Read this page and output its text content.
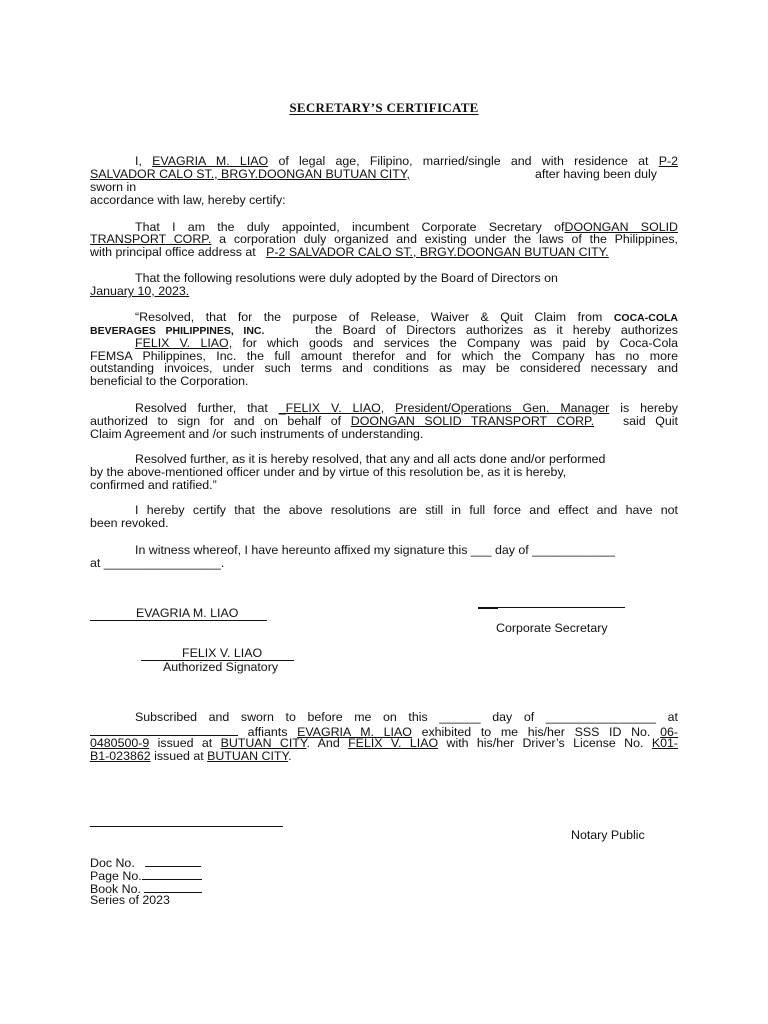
SECRETARY’S CERTIFICATE
I, EVAGRIA M. LIAO of legal age, Filipino, married/single and with residence at P-2
SALVADOR CALO ST., BRGY.DOONGAN BUTUAN CITY,	after having been duly
sworn in
accordance with law, hereby certify:
That I am the duly appointed, incumbent Corporate Secretary ofDOONGAN SOLID
TRANSPORT CORP. a corporation duly organized and existing under the laws of the Philippines,
with principal office address at P-2 SALVADOR CALO ST., BRGY.DOONGAN BUTUAN CITY.
That the following resolutions were duly adopted by the Board of Directors on
January 10, 2023.
“Resolved, that for the purpose of Release, Waiver & Quit Claim from COCA-COLA
BEVERAGES PHILIPPINES, INC.	the Board of Directors authorizes as it hereby authorizes
FELIX V. LIAO, for which goods and services the Company was paid by Coca-Cola
FEMSA Philippines, Inc. the full amount therefor and for which the Company has no more
outstanding invoices, under such terms and conditions as may be considered necessary and
beneficial to the Corporation.
Resolved further, that _FELIX V. LIAO, President/Operations Gen. Manager is hereby
authorized to sign for and on behalf of DOONGAN SOLID TRANSPORT CORP. said Quit
Claim Agreement and /or such instruments of understanding.
Resolved further, as it is hereby resolved, that any and all acts done and/or performed
by the above-mentioned officer under and by virtue of this resolution be, as it is hereby,
confirmed and ratified.”
I hereby certify that the above resolutions are still in full force and effect and have not
been revoked.
In witness whereof, I have hereunto affixed my signature this ___ day of ____________
at _________________.
EVAGRIA M. LIAO
Corporate Secretary
FELIX V. LIAO
Authorized Signatory
Subscribed and sworn to before me on this ______ day of ________________ at
affiants EVAGRIA M. LIAO exhibited to me his/her SSS ID No. 06-
0480500-9 issued at BUTUAN CITY. And FELIX V. LIAO with his/her Driver’s License No. K01-
B1-023862 issued at BUTUAN CITY.
Notary Public
Doc No.
Page No.
Book No.
Series of 2023
